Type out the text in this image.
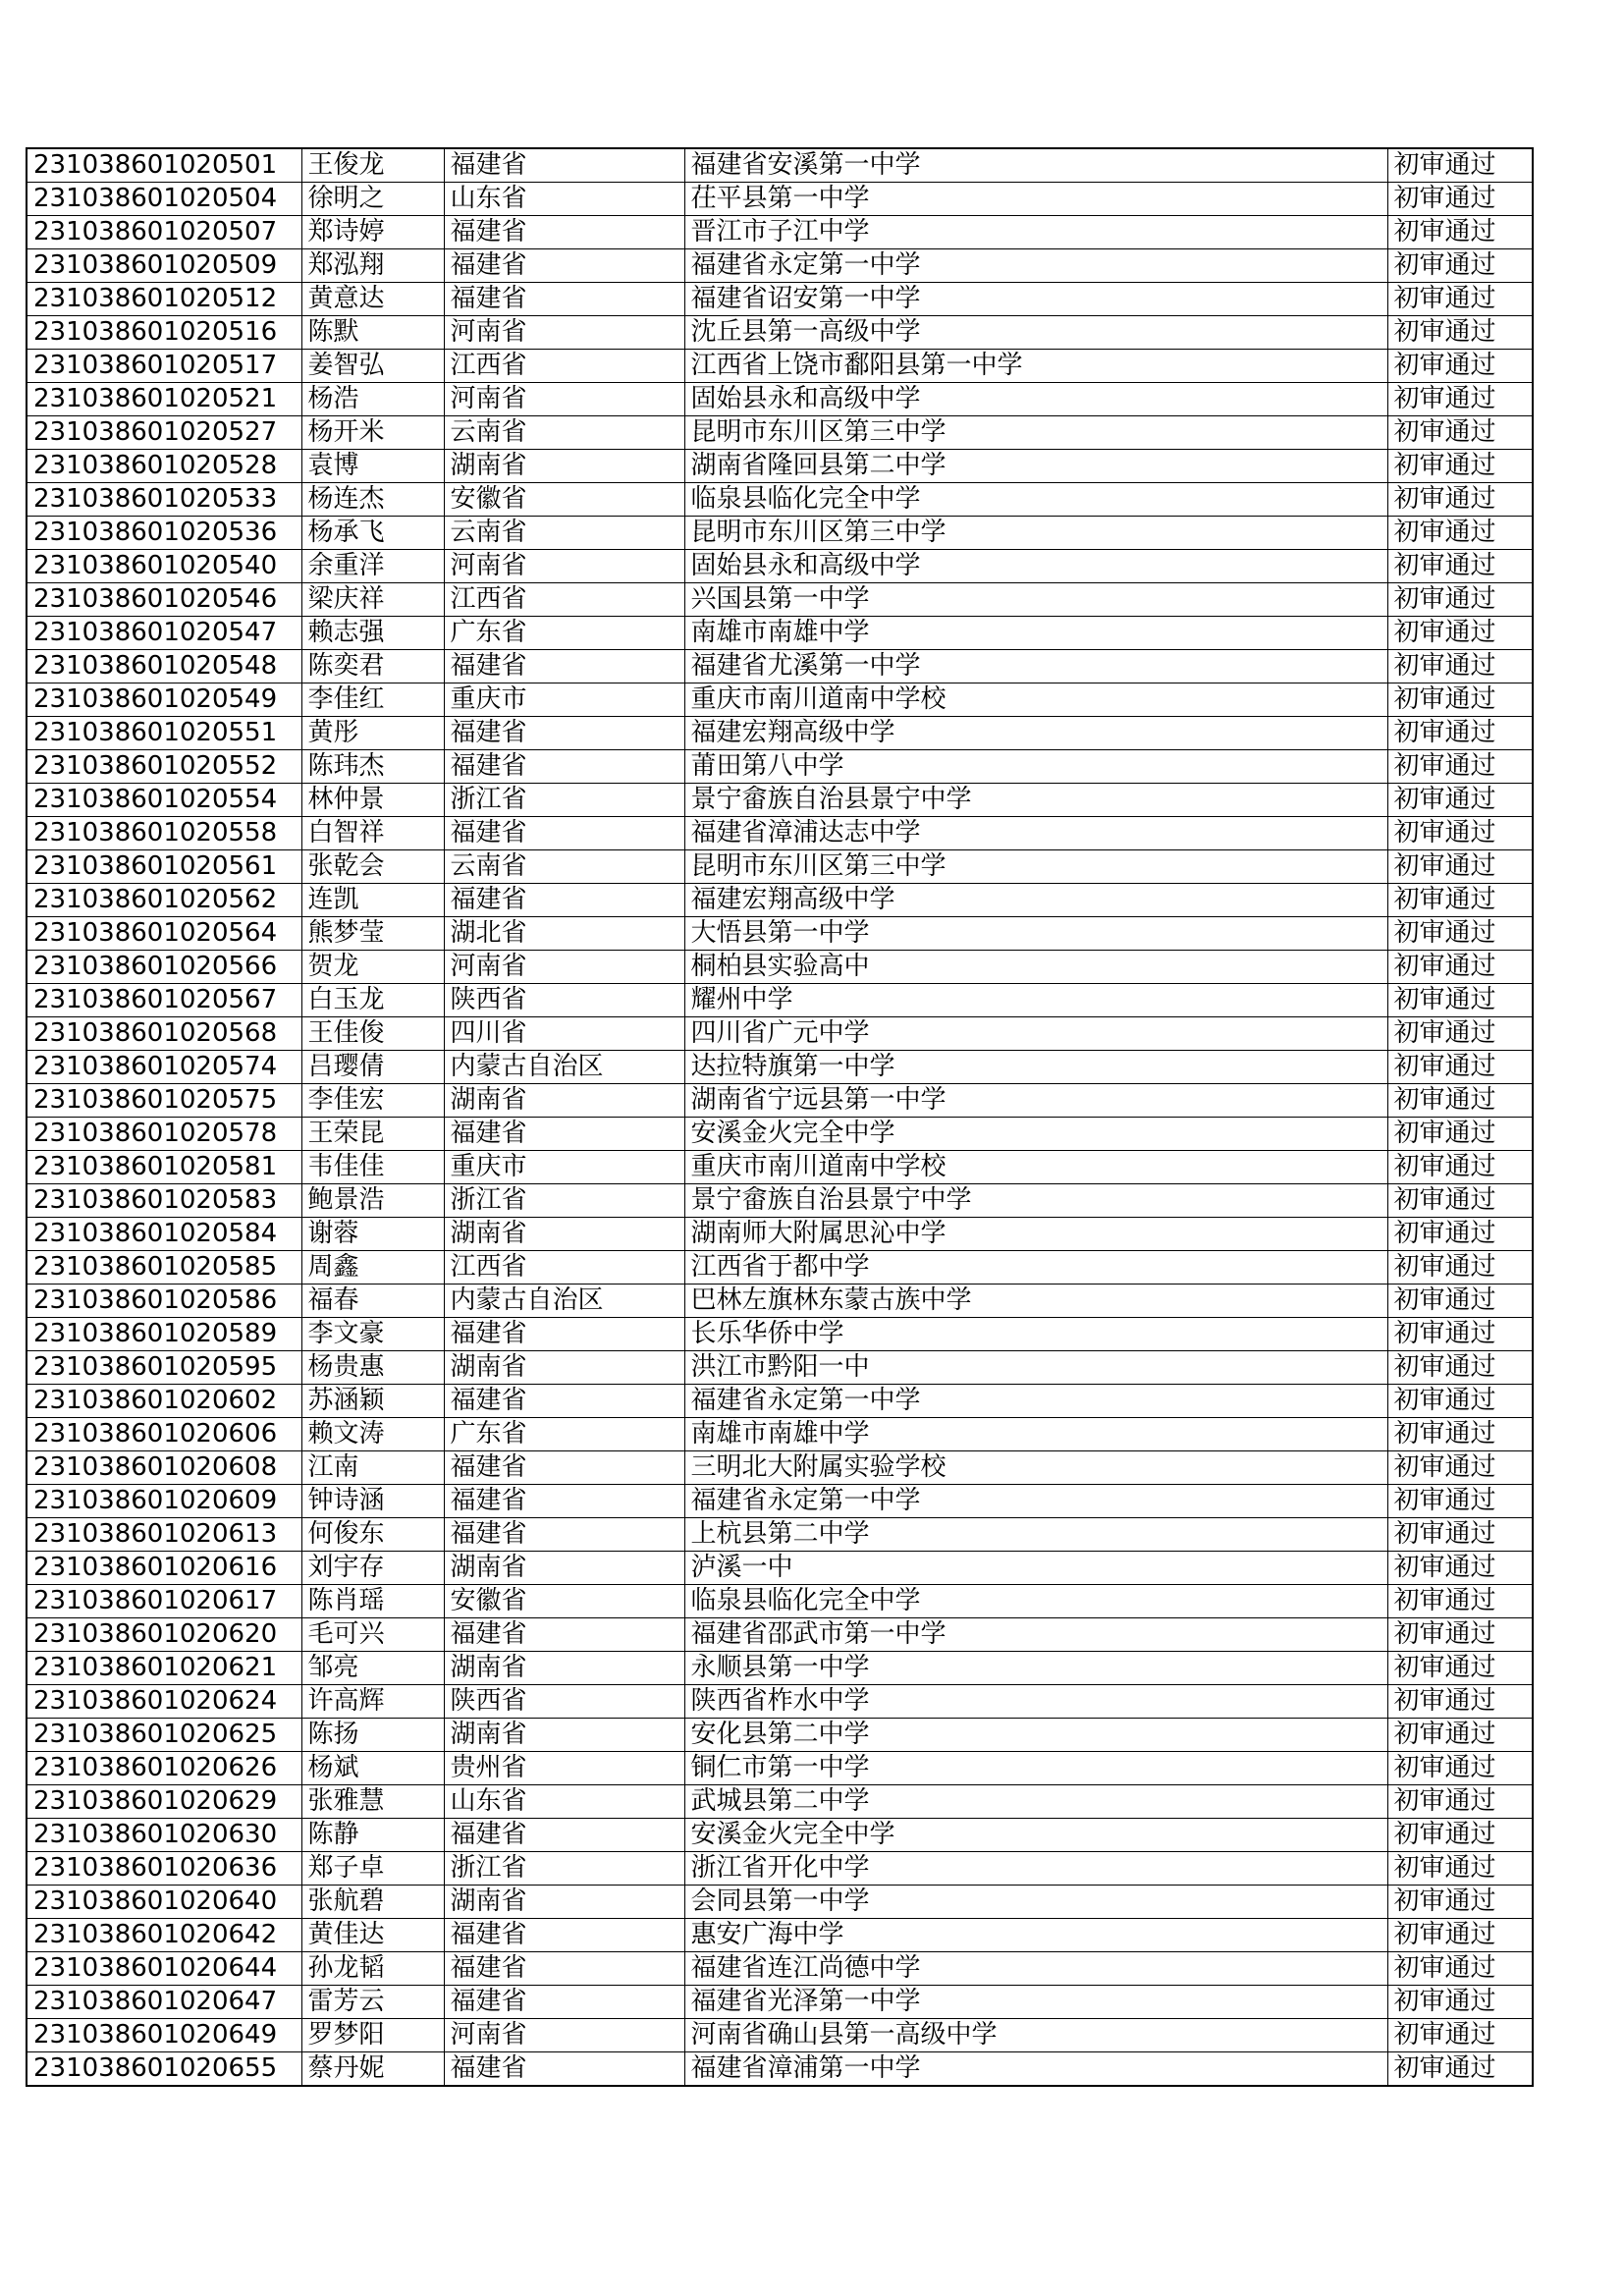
231038601020501	王俊龙	福建省	福建省安溪第一中学	初审通过
231038601020504	徐明之	山东省	茌平县第一中学	初审通过
231038601020507	郑诗婷	福建省	晋江市子江中学	初审通过
231038601020509	郑泓翔	福建省	福建省永定第一中学	初审通过
231038601020512	黄意达	福建省	福建省诏安第一中学	初审通过
231038601020516	陈默	河南省	沈丘县第一高级中学	初审通过
231038601020517	姜智弘	江西省	江西省上饶市鄱阳县第一中学	初审通过
231038601020521	杨浩	河南省	固始县永和高级中学	初审通过
231038601020527	杨开米	云南省	昆明市东川区第三中学	初审通过
231038601020528	袁博	湖南省	湖南省隆回县第二中学	初审通过
231038601020533	杨连杰	安徽省	临泉县临化完全中学	初审通过
231038601020536	杨承飞	云南省	昆明市东川区第三中学	初审通过
231038601020540	余重洋	河南省	固始县永和高级中学	初审通过
231038601020546	梁庆祥	江西省	兴国县第一中学	初审通过
231038601020547	赖志强	广东省	南雄市南雄中学	初审通过
231038601020548	陈奕君	福建省	福建省尤溪第一中学	初审通过
231038601020549	李佳红	重庆市	重庆市南川道南中学校	初审通过
231038601020551	黄彤	福建省	福建宏翔高级中学	初审通过
231038601020552	陈玮杰	福建省	莆田第八中学	初审通过
231038601020554	林仲景	浙江省	景宁畲族自治县景宁中学	初审通过
231038601020558	白智祥	福建省	福建省漳浦达志中学	初审通过
231038601020561	张乾会	云南省	昆明市东川区第三中学	初审通过
231038601020562	连凯	福建省	福建宏翔高级中学	初审通过
231038601020564	熊梦莹	湖北省	大悟县第一中学	初审通过
231038601020566	贺龙	河南省	桐柏县实验高中	初审通过
231038601020567	白玉龙	陕西省	耀州中学	初审通过
231038601020568	王佳俊	四川省	四川省广元中学	初审通过
231038601020574	吕璎倩	内蒙古自治区	达拉特旗第一中学	初审通过
231038601020575	李佳宏	湖南省	湖南省宁远县第一中学	初审通过
231038601020578	王荣昆	福建省	安溪金火完全中学	初审通过
231038601020581	韦佳佳	重庆市	重庆市南川道南中学校	初审通过
231038601020583	鲍景浩	浙江省	景宁畲族自治县景宁中学	初审通过
231038601020584	谢蓉	湖南省	湖南师大附属思沁中学	初审通过
231038601020585	周鑫	江西省	江西省于都中学	初审通过
231038601020586	福春	内蒙古自治区	巴林左旗林东蒙古族中学	初审通过
231038601020589	李文豪	福建省	长乐华侨中学	初审通过
231038601020595	杨贵惠	湖南省	洪江市黔阳一中	初审通过
231038601020602	苏涵颖	福建省	福建省永定第一中学	初审通过
231038601020606	赖文涛	广东省	南雄市南雄中学	初审通过
231038601020608	江南	福建省	三明北大附属实验学校	初审通过
231038601020609	钟诗涵	福建省	福建省永定第一中学	初审通过
231038601020613	何俊东	福建省	上杭县第二中学	初审通过
231038601020616	刘宇存	湖南省	泸溪一中	初审通过
231038601020617	陈肖瑶	安徽省	临泉县临化完全中学	初审通过
231038601020620	毛可兴	福建省	福建省邵武市第一中学	初审通过
231038601020621	邹亮	湖南省	永顺县第一中学	初审通过
231038601020624	许高辉	陕西省	陕西省柞水中学	初审通过
231038601020625	陈扬	湖南省	安化县第二中学	初审通过
231038601020626	杨斌	贵州省	铜仁市第一中学	初审通过
231038601020629	张雅慧	山东省	武城县第二中学	初审通过
231038601020630	陈静	福建省	安溪金火完全中学	初审通过
231038601020636	郑子卓	浙江省	浙江省开化中学	初审通过
231038601020640	张航碧	湖南省	会同县第一中学	初审通过
231038601020642	黄佳达	福建省	惠安广海中学	初审通过
231038601020644	孙龙韬	福建省	福建省连江尚德中学	初审通过
231038601020647	雷芳云	福建省	福建省光泽第一中学	初审通过
231038601020649	罗梦阳	河南省	河南省确山县第一高级中学	初审通过
231038601020655	蔡丹妮	福建省	福建省漳浦第一中学	初审通过
